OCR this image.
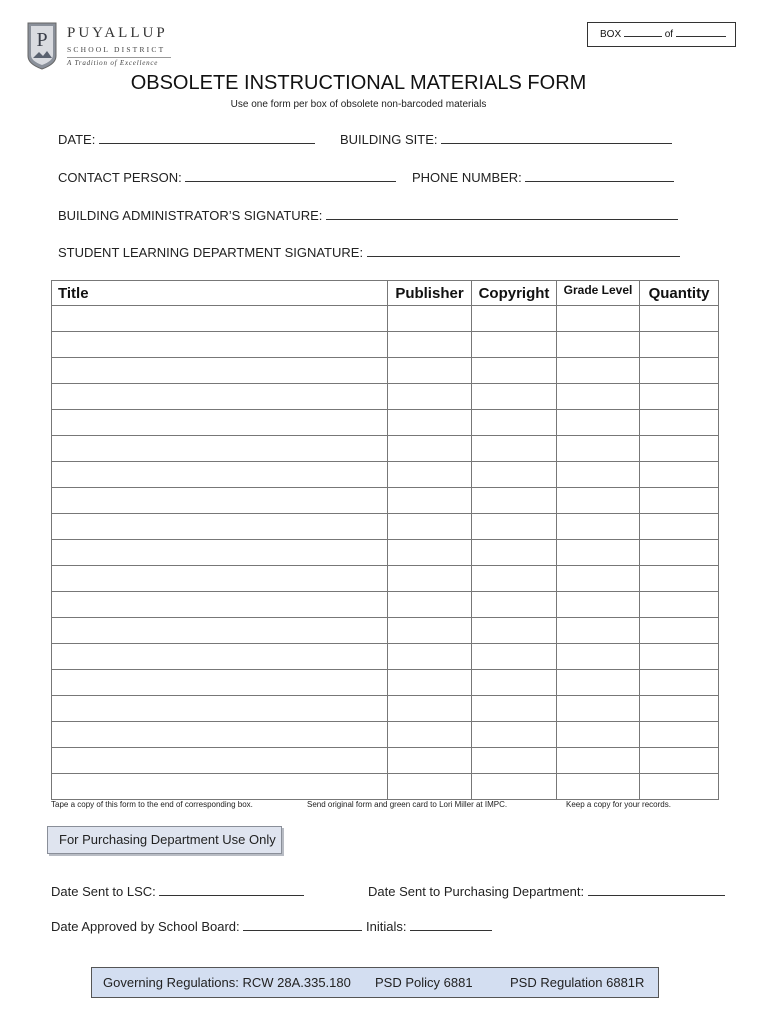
P PUYALLUP
SCHOOL DISTRICT
A Tradition of Excellence
BOX	of
OBSOLETE INSTRUCTIONAL MATERIALS FORM
Use one form per box of obsolete non-barcoded materials
DATE:	BUILDING SITE:
CONTACT PERSON:	PHONE NUMBER:
BUILDING ADMINISTRATOR’S SIGNATURE:
STUDENT LEARNING DEPARTMENT SIGNATURE:
Title	Publisher	Copyright	Grade Level	Quantity

Tape a copy of this form to the end of corresponding box.	Send original form and green card to Lori Miller at IMPC.	Keep a copy for your records.
For Purchasing Department Use Only
Date Sent to LSC:	Date Sent to Purchasing Department:
Date Approved by School Board:	Initials:
Governing Regulations: RCW 28A.335.180 PSD Policy 6881	PSD Regulation 6881R
